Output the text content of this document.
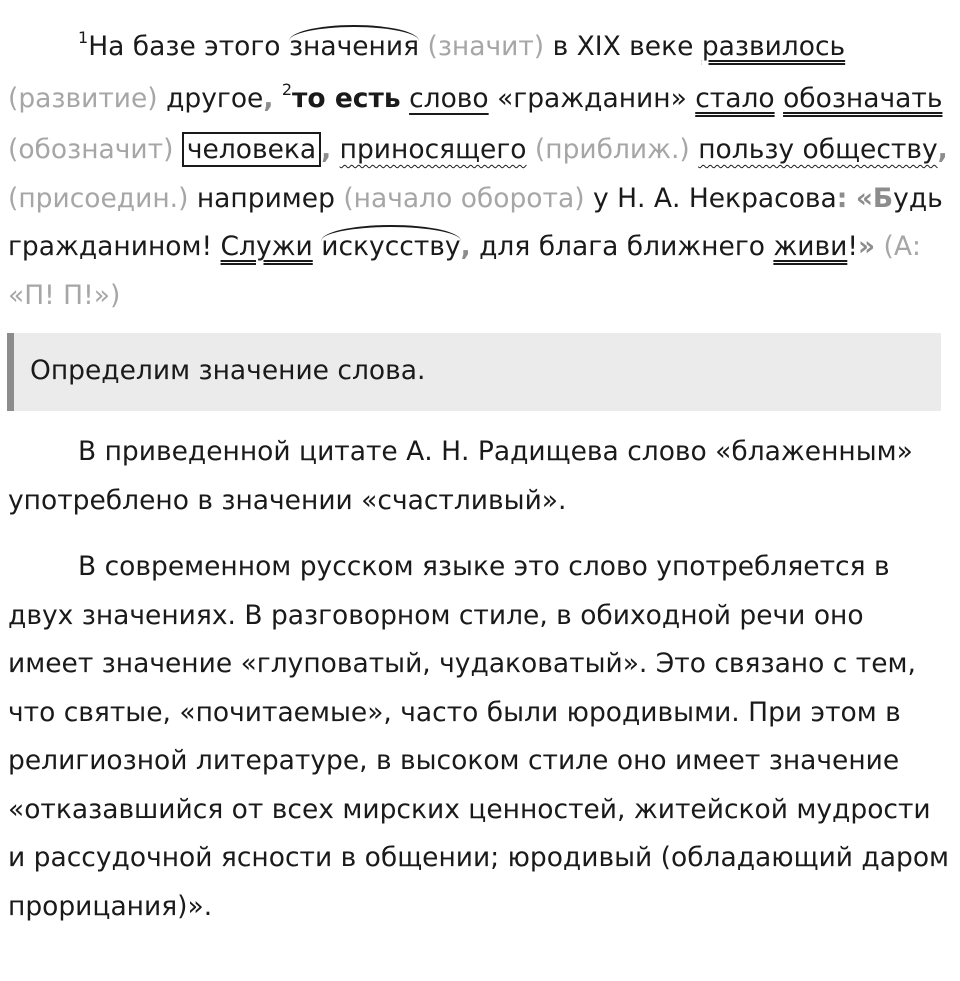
$^1$На базе этого значения (значит) в XIX веке развилось (развитие) другое, $^2$то есть слово «гражданин» стало обозначать (обозначит) человека , приносящего (приближ.) пользу обществу, (присоедин.) например (начало оборота) у Н. А. Некрасова: «Будь гражданином! Служи искусству, для блага ближнего живи!» (А: «П! П!»)

Определим значение слова.

В приведенной цитате А. Н. Радищева слово «блаженным» употреблено в значении «счастливый».

В современном русском языке это слово употребляется в двух значениях. В разговорном стиле, в обиходной речи оно имеет значение «глуповатый, чудаковатый». Это связано с тем, что святые, «почитаемые», часто были юродивыми. При этом в религиозной литературе, в высоком стиле оно имеет значение «отказавшийся от всех мирских ценностей, житейской мудрости и рассудочной ясности в общении; юродивый (обладающий даром прорицания)».
